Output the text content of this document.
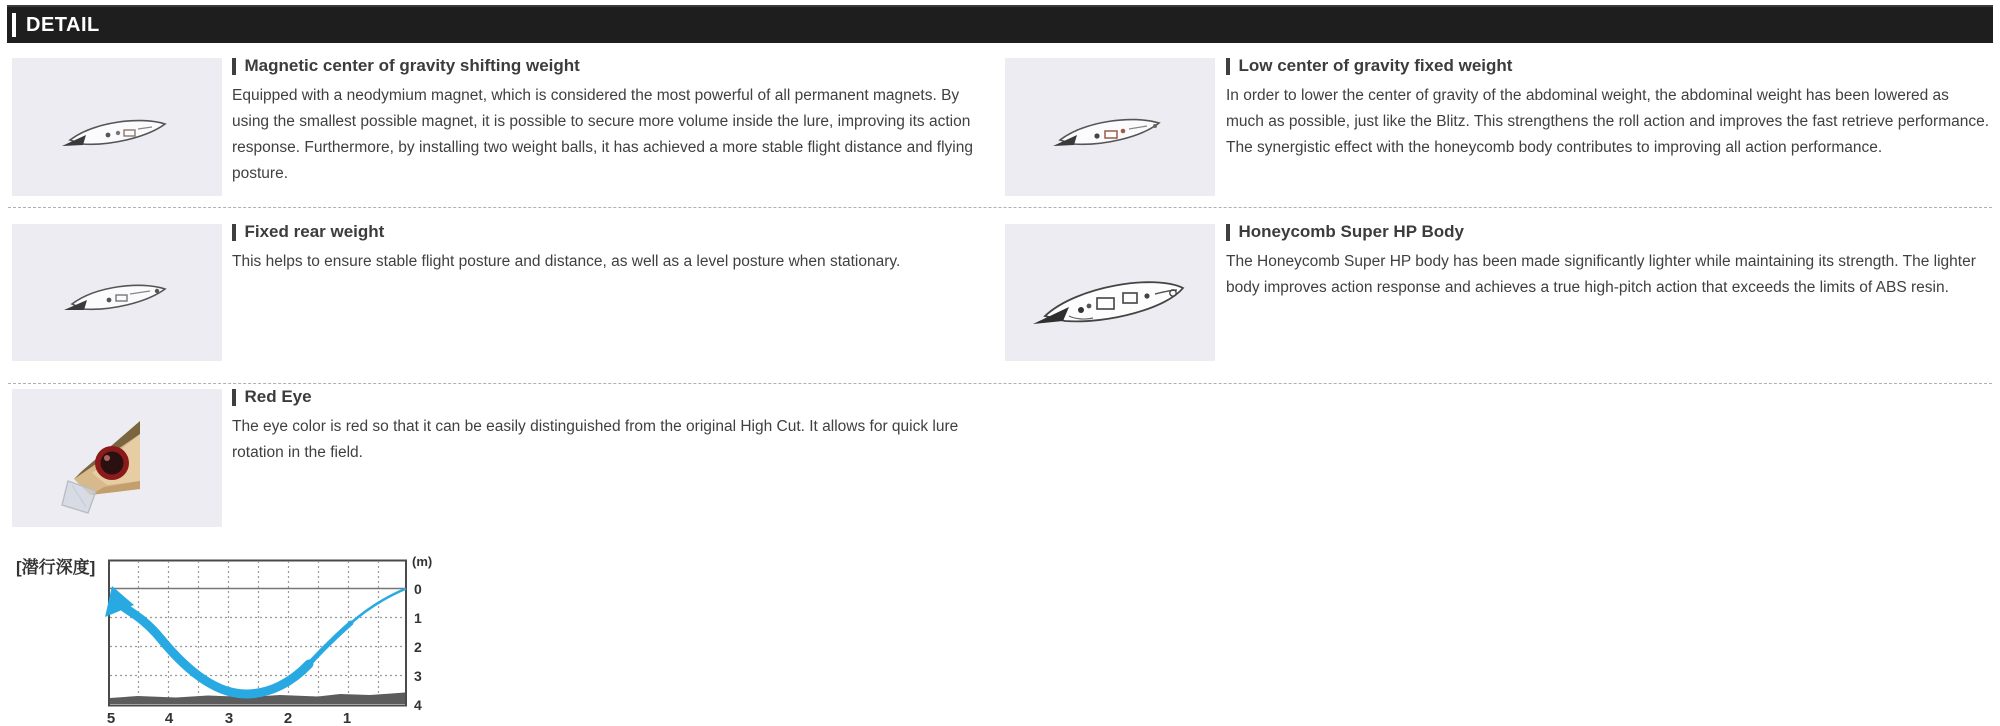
DETAIL
Magnetic center of gravity shifting weight
Equipped with a neodymium magnet, which is considered the most powerful of all permanent magnets. By using the smallest possible magnet, it is possible to secure more volume inside the lure, improving its action response. Furthermore, by installing two weight balls, it has achieved a more stable flight distance and flying posture.
Low center of gravity fixed weight
In order to lower the center of gravity of the abdominal weight, the abdominal weight has been lowered as much as possible, just like the Blitz. This strengthens the roll action and improves the fast retrieve performance. The synergistic effect with the honeycomb body contributes to improving all action performance.
Fixed rear weight
This helps to ensure stable flight posture and distance, as well as a level posture when stationary.
Honeycomb Super HP Body
The Honeycomb Super HP body has been made significantly lighter while maintaining its strength. The lighter body improves action response and achieves a true high-pitch action that exceeds the limits of ABS resin.
Red Eye
The eye color is red so that it can be easily distinguished from the original High Cut. It allows for quick lure rotation in the field.
[潜行深度]	(m)
0
1
2
3
4
5	4	3	2	1
